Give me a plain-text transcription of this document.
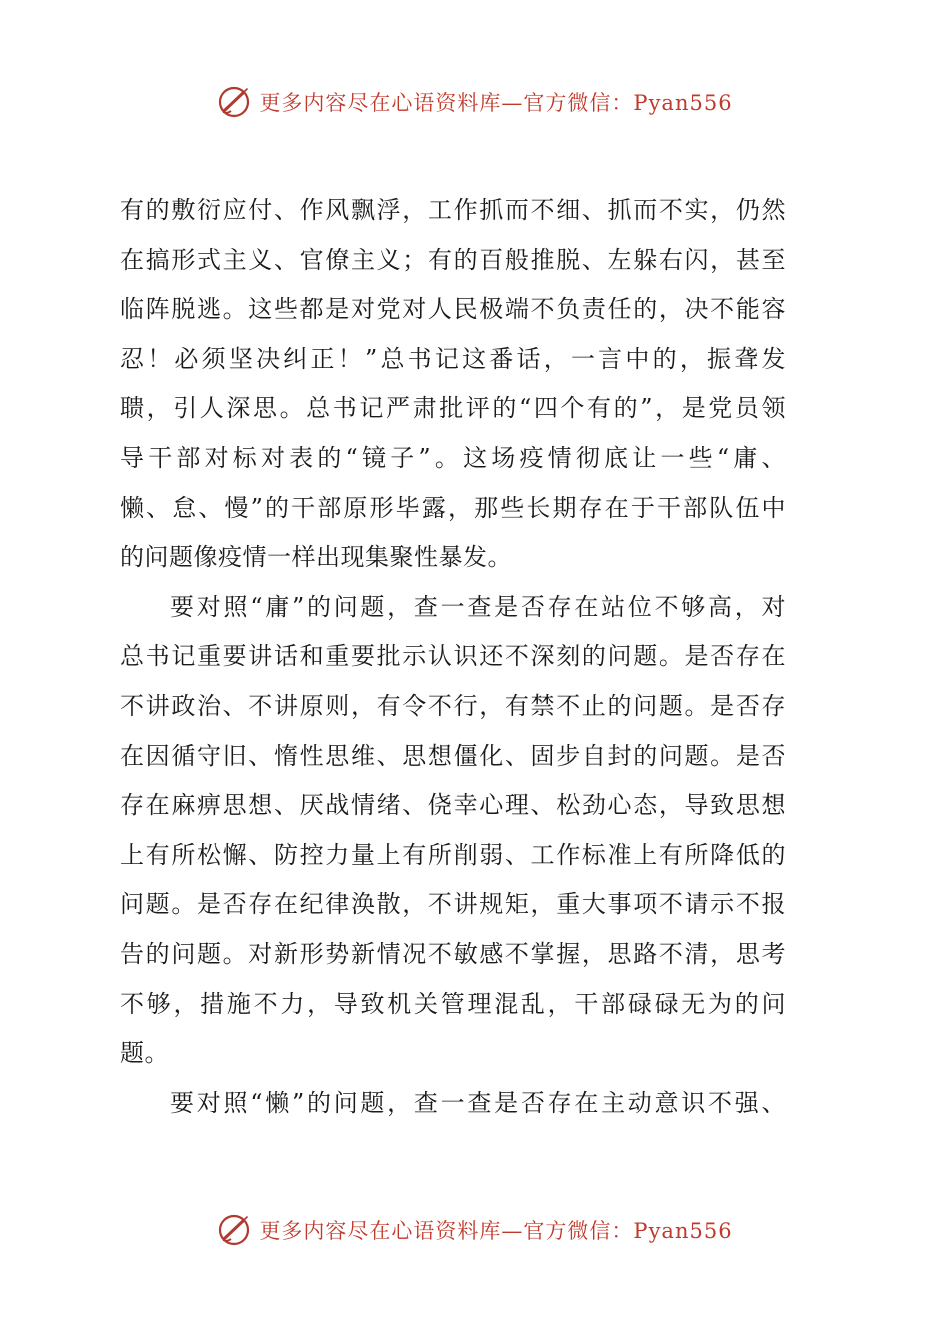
更多内容尽在心语资料库—官方微信：Pyan556
有的敷衍应付、作风飘浮，工作抓而不细、抓而不实，仍然
在搞形式主义、官僚主义；有的百般推脱、左躲右闪，甚至
临阵脱逃。这些都是对党对人民极端不负责任的，决不能容
忍！必须坚决纠正！”总书记这番话，一言中的，振聋发
聩，引人深思。总书记严肃批评的“四个有的”，是党员领
导干部对标对表的“镜子”。这场疫情彻底让一些“庸、
懒、怠、慢”的干部原形毕露，那些长期存在于干部队伍中
的问题像疫情一样出现集聚性暴发。
要对照“庸”的问题，查一查是否存在站位不够高，对
总书记重要讲话和重要批示认识还不深刻的问题。是否存在
不讲政治、不讲原则，有令不行，有禁不止的问题。是否存
在因循守旧、惰性思维、思想僵化、固步自封的问题。是否
存在麻痹思想、厌战情绪、侥幸心理、松劲心态，导致思想
上有所松懈、防控力量上有所削弱、工作标准上有所降低的
问题。是否存在纪律涣散，不讲规矩，重大事项不请示不报
告的问题。对新形势新情况不敏感不掌握，思路不清，思考
不够，措施不力，导致机关管理混乱，干部碌碌无为的问
题。
要对照“懒”的问题，查一查是否存在主动意识不强、
更多内容尽在心语资料库—官方微信：Pyan556
